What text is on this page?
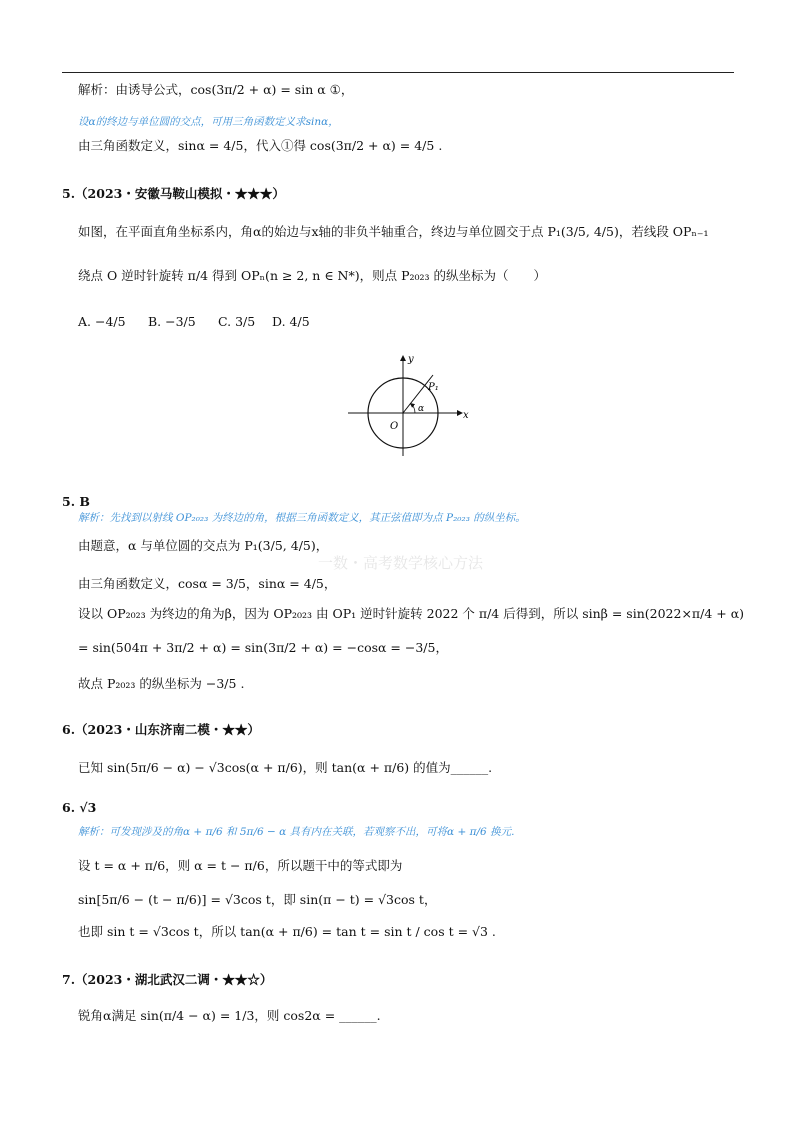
解析：由诱导公式，cos(3π/2 + α) = sin α ①，
设α的终边与单位圆的交点，可用三角函数定义求sinα，
由三角函数定义，sinα = 4/5，代入①得 cos(3π/2 + α) = 4/5 .
5.（2023・安徽马鞍山模拟・★★★）
如图，在平面直角坐标系内，角α的始边与x轴的非负半轴重合，终边与单位圆交于点 P₁(3/5, 4/5)，若线段 OPₙ₋₁
绕点 O 逆时针旋转 π/4 得到 OPₙ(n ≥ 2, n ∈ N*)，则点 P₂₀₂₃ 的纵坐标为（　　）
A. −4/5 B. −3/5 C. 3/5 D. 4/5
y
x
O
P₁
α
5. B
解析：先找到以射线 OP₂₀₂₃ 为终边的角，根据三角函数定义，其正弦值即为点 P₂₀₂₃ 的纵坐标。
由题意，α 与单位圆的交点为 P₁(3/5, 4/5)，
一数・高考数学核心方法
由三角函数定义，cosα = 3/5，sinα = 4/5，
设以 OP₂₀₂₃ 为终边的角为β，因为 OP₂₀₂₃ 由 OP₁ 逆时针旋转 2022 个 π/4 后得到，所以 sinβ = sin(2022×π/4 + α)
= sin(504π + 3π/2 + α) = sin(3π/2 + α) = −cosα = −3/5，
故点 P₂₀₂₃ 的纵坐标为 −3/5 .
6.（2023・山东济南二模・★★）
已知 sin(5π/6 − α) − √3cos(α + π/6)，则 tan(α + π/6) 的值为______.
6. √3
解析：可发现涉及的角α + π/6 和 5π/6 − α 具有内在关联，若观察不出，可将α + π/6 换元.
设 t = α + π/6，则 α = t − π/6，所以题干中的等式即为
sin[5π/6 − (t − π/6)] = √3cos t，即 sin(π − t) = √3cos t，
也即 sin t = √3cos t，所以 tan(α + π/6) = tan t = sin t / cos t = √3 .
7.（2023・湖北武汉二调・★★☆）
锐角α满足 sin(π/4 − α) = 1/3，则 cos2α = ______.
